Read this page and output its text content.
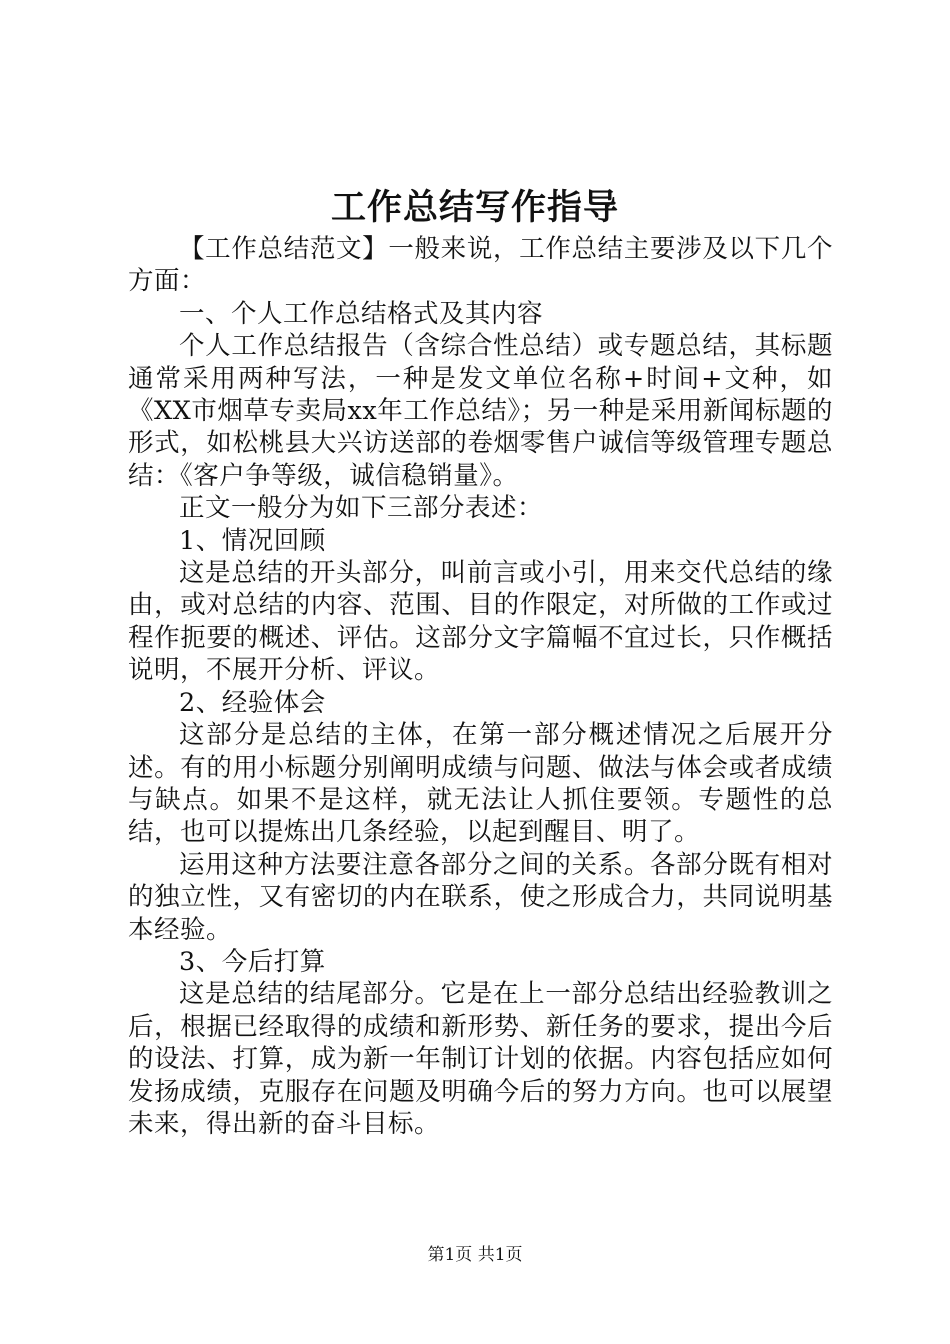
工作总结写作指导

【工作总结范文】一般来说，工作总结主要涉及以下几个方面：

一、个人工作总结格式及其内容

个人工作总结报告（含综合性总结）或专题总结，其标题通常采用两种写法，一种是发文单位名称+时间+文种，如《XX市烟草专卖局xx年工作总结》；另一种是采用新闻标题的形式，如松桃县大兴访送部的卷烟零售户诚信等级管理专题总结：《客户争等级，诚信稳销量》。

正文一般分为如下三部分表述：

1、情况回顾

这是总结的开头部分，叫前言或小引，用来交代总结的缘由，或对总结的内容、范围、目的作限定，对所做的工作或过程作扼要的概述、评估。这部分文字篇幅不宜过长，只作概括说明，不展开分析、评议。

2、经验体会

这部分是总结的主体，在第一部分概述情况之后展开分述。有的用小标题分别阐明成绩与问题、做法与体会或者成绩与缺点。如果不是这样，就无法让人抓住要领。专题性的总结，也可以提炼出几条经验，以起到醒目、明了。

运用这种方法要注意各部分之间的关系。各部分既有相对的独立性，又有密切的内在联系，使之形成合力，共同说明基本经验。

3、今后打算

这是总结的结尾部分。它是在上一部分总结出经验教训之后，根据已经取得的成绩和新形势、新任务的要求，提出今后的设法、打算，成为新一年制订计划的依据。内容包括应如何发扬成绩，克服存在问题及明确今后的努力方向。也可以展望未来，得出新的奋斗目标。

第1页 共1页
